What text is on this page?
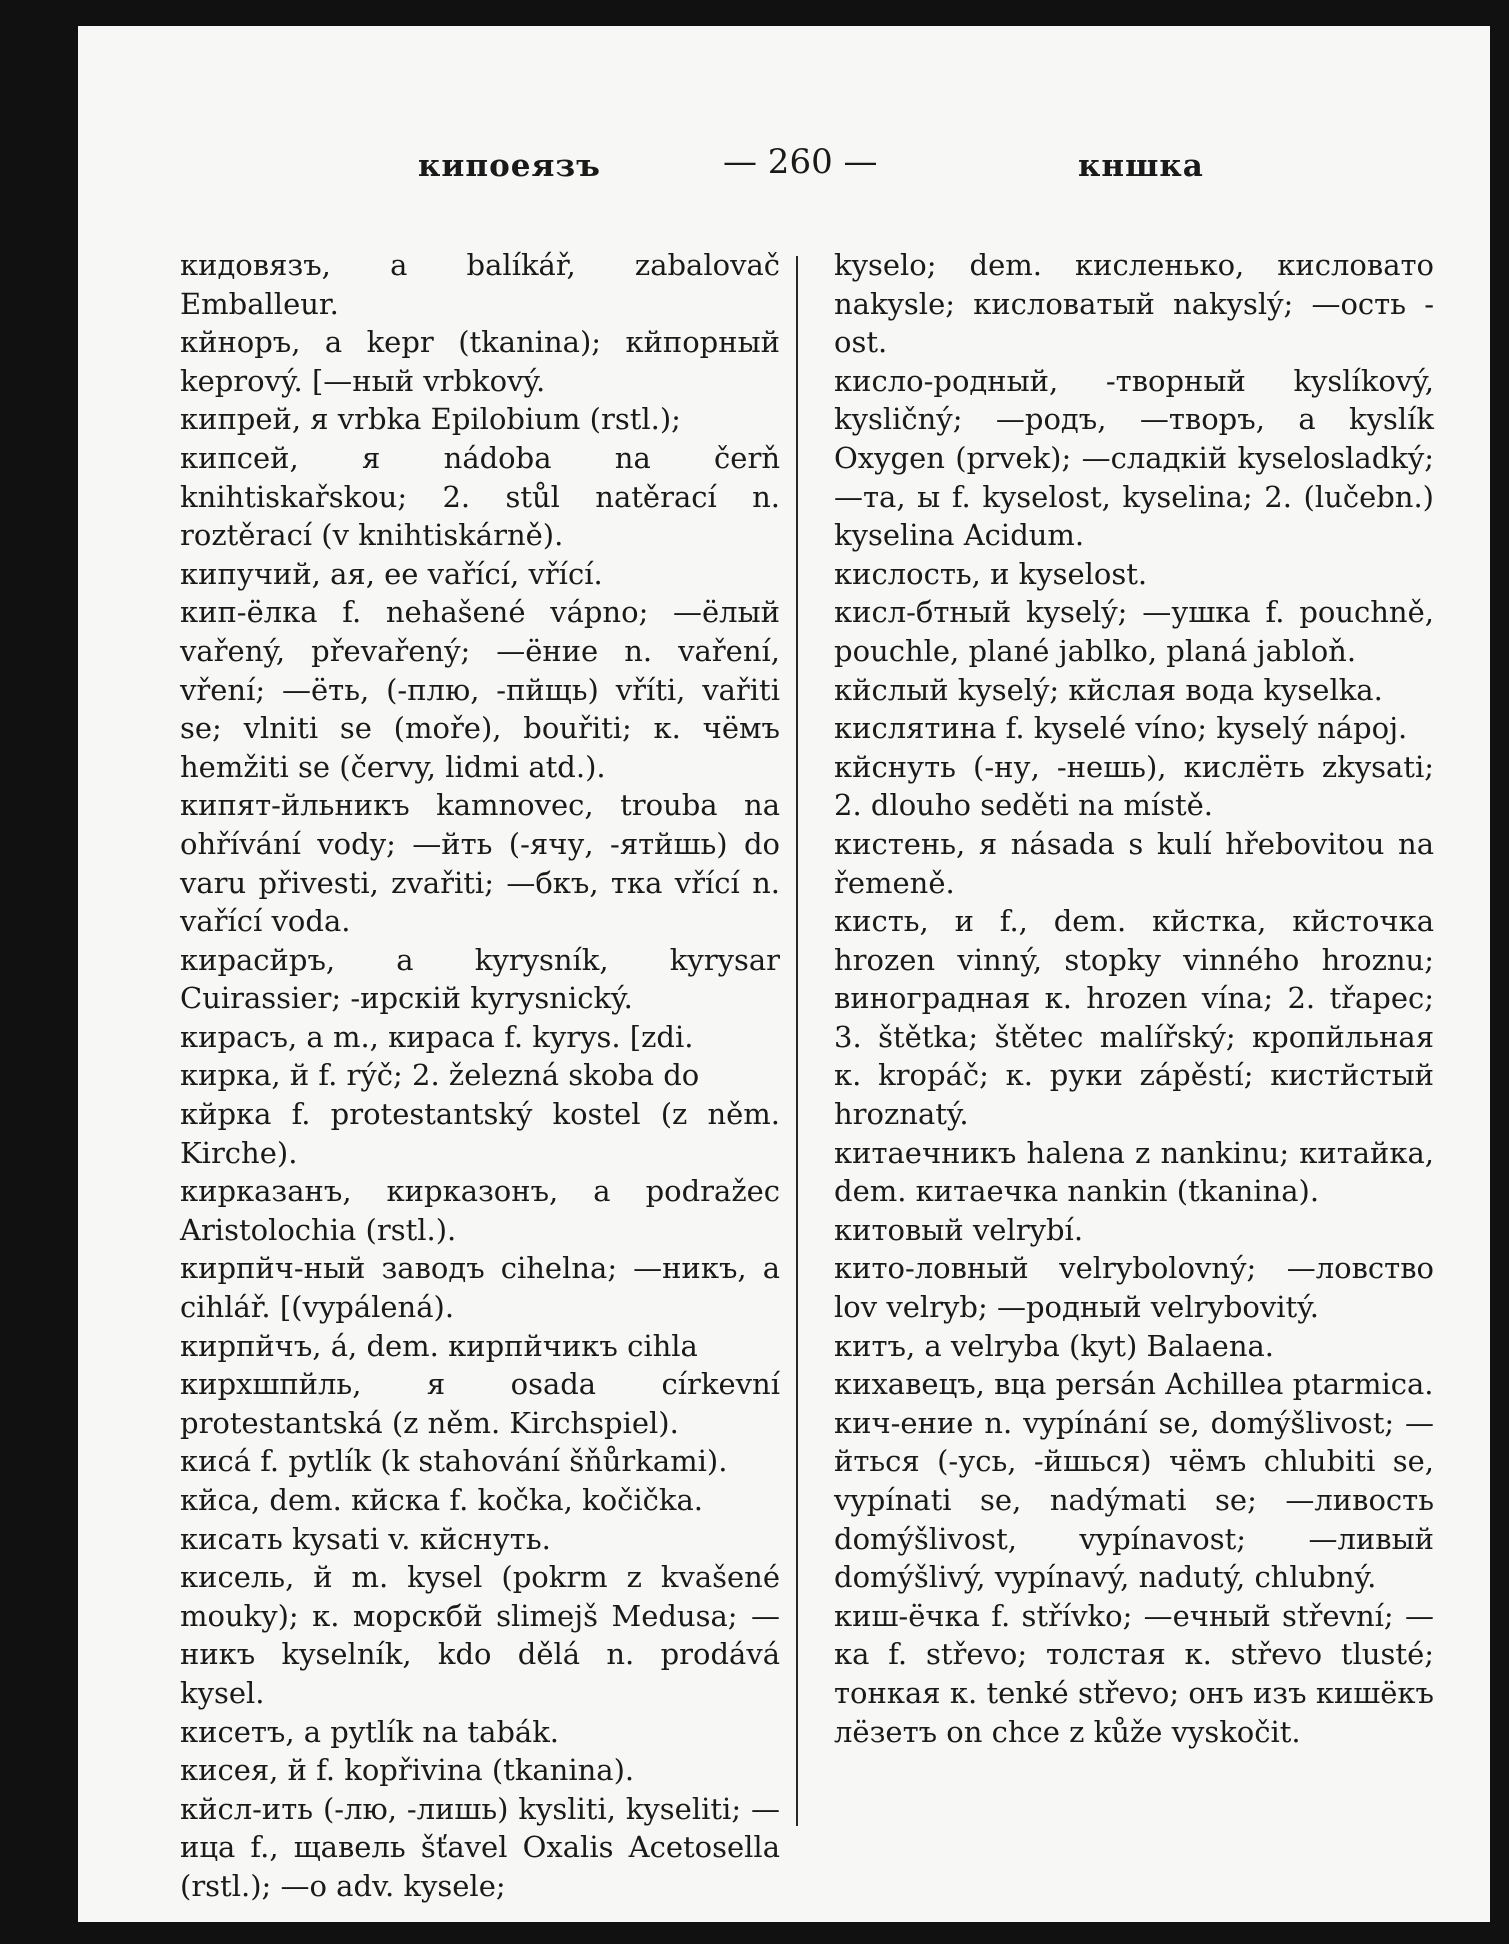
кипоеязъ	— 260 —	кншка

кидовязъ, а balíkář, zabalovač Emballeur.

кйноръ, а kepr (tkanina); кйпорный keprový. [—ный vrbkový.

кипрей, я vrbka Epilobium (rstl.);

кипсей, я nádoba na čerň knihtiskařskou; 2. stůl natěrací n. roztěrací (v knihtiskárně).

кипучий, ая, ее vařící, vřící.

кип-ёлка f. nehašené vápno; —ёлый vařený, převařený; —ёние n. vaření, vření; —ёть, (-плю, -пйщь) vříti, vařiti se; vlniti se (moře), bouřiti; к. чёмъ hemžiti se (červy, lidmi atd.).

кипят-йльникъ kamnovec, trouba na ohřívání vody; —йть (-ячу, -ятйшь) do varu přivesti, zvařiti; —бкъ, тка vřící n. vařící voda.

кирасйръ, а kyrysník, kyrysar Cuirassier; -ирскій kyrysnický.

кирасъ, а m., кираса f. kyrys. [zdi.

кирка, й f. rýč; 2. železná skoba do

кйрка f. protestantský kostel (z něm. Kirche).

кирказанъ, кирказонъ, а podražec Aristolochia (rstl.).

кирпйч-ный заводъ cihelna; —никъ, а cihlář. [(vypálená).

кирпйчъ, á, dem. кирпйчикъ cihla

кирхшпйль, я osada církevní protestantská (z něm. Kirchspiel).

кисá f. pytlík (k stahování šňůrkami).

кйса, dem. кйска f. kočka, kočička.

кисать kysati v. кйснуть.

кисель, й m. kysel (pokrm z kvašené mouky); к. морскбй slimejš Medusa; —никъ kyselník, kdo dělá n. prodává kysel.

кисетъ, а pytlík na tabák.

кисея, й f. kopřivina (tkanina).

кйсл-ить (-лю, -лишь) kysliti, kyseliti; —ица f., щавель šťavel Oxalis Acetosella (rstl.); —о adv. kysele;

kyselo; dem. кисленько, кисловато nakysle; кисловатый nakyslý; —ость -ost.

кисло-родный, -творный kyslíkový, kysličný; —родъ, —творъ, а kyslík Oxygen (prvek); —сладкій kyselosladký; —та, ы f. kyselost, kyselina; 2. (lučebn.) kyselina Acidum.

кислость, и kyselost.

кисл-бтный kyselý; —ушка f. pouchně, pouchle, plané jablko, planá jabloň.

кйслый kyselý; кйслая вода kyselka.

кислятина f. kyselé víno; kyselý nápoj.

кйснуть (-ну, -нешь), кислёть zkysati; 2. dlouho seděti na místě.

кистень, я násada s kulí hřebovitou na řemeně.

кисть, и f., dem. кйстка, кйсточка hrozen vinný, stopky vinného hroznu; виноградная к. hrozen vína; 2. třapec; 3. štětka; štětec malířský; кропйльная к. kropáč; к. руки zápěstí; кистйстый hroznatý.

китаечникъ halena z nankinu; китайка, dem. китаечка nankin (tkanina).

китовый velrybí.

кито-ловный velrybolovný; —ловство lov velryb; —родный velrybovitý.

китъ, а velryba (kyt) Balaena.

кихавецъ, вца persán Achillea ptarmica.

кич-ение n. vypínání se, domýšlivost; —йться (-усь, -йшься) чёмъ chlubiti se, vypínati se, nadýmati se; —ливость domýšlivost, vypínavost; —ливый domýšlivý, vypínavý, nadutý, chlubný.

киш-ёчка f. střívko; —ечный střevní; —ка f. střevo; толстая к. střevo tlusté; тонкая к. tenké střevo; онъ изъ кишёкъ лёзетъ on chce z kůže vyskočit.
